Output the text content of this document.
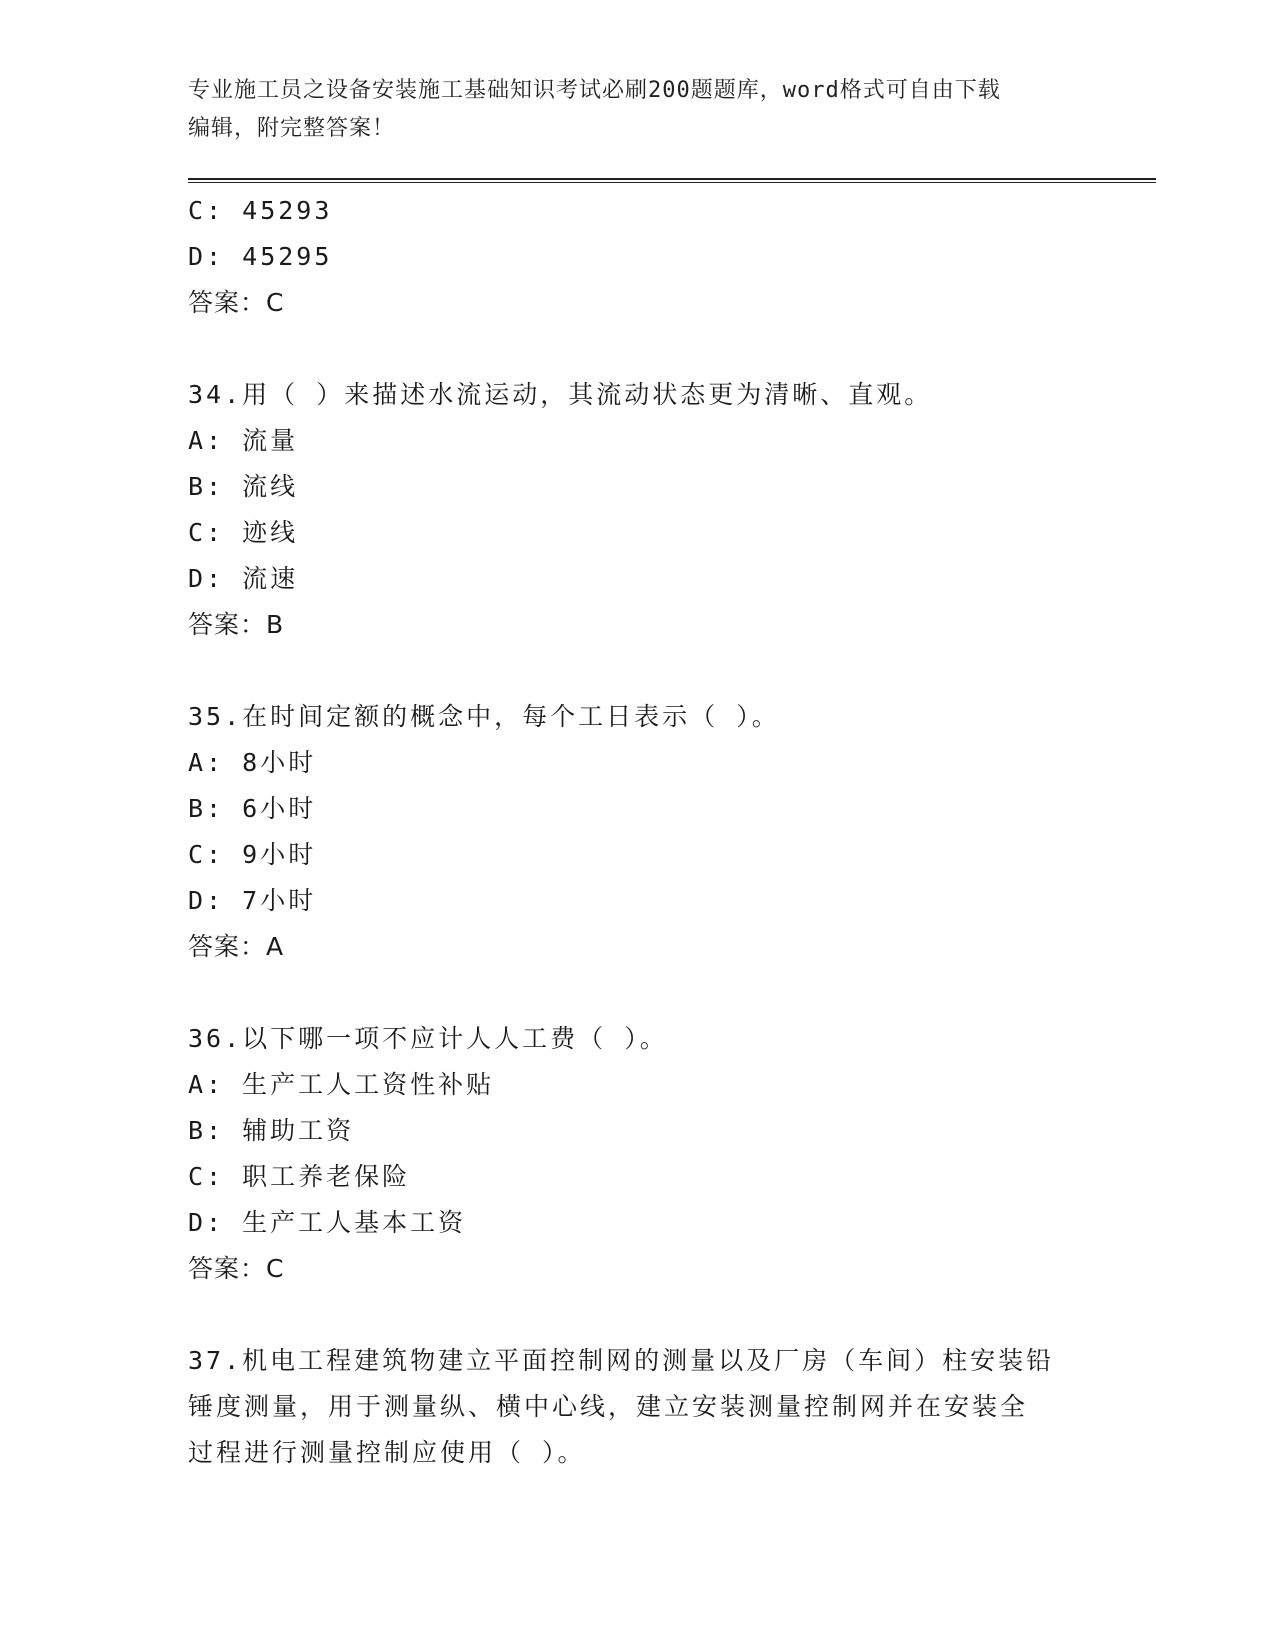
专业施工员之设备安装施工基础知识考试必刷200题题库，word格式可自由下载
编辑，附完整答案！
C: 45293
D: 45295
答案：C
34.用（ ）来描述水流运动，其流动状态更为清晰、直观。
A: 流量
B: 流线
C: 迹线
D: 流速
答案：B
35.在时间定额的概念中，每个工日表示（ ）。
A: 8小时
B: 6小时
C: 9小时
D: 7小时
答案：A
36.以下哪一项不应计人人工费（ ）。
A: 生产工人工资性补贴
B: 辅助工资
C: 职工养老保险
D: 生产工人基本工资
答案：C
37.机电工程建筑物建立平面控制网的测量以及厂房（车间）柱安装铅
锤度测量，用于测量纵、横中心线，建立安装测量控制网并在安装全
过程进行测量控制应使用（ ）。
